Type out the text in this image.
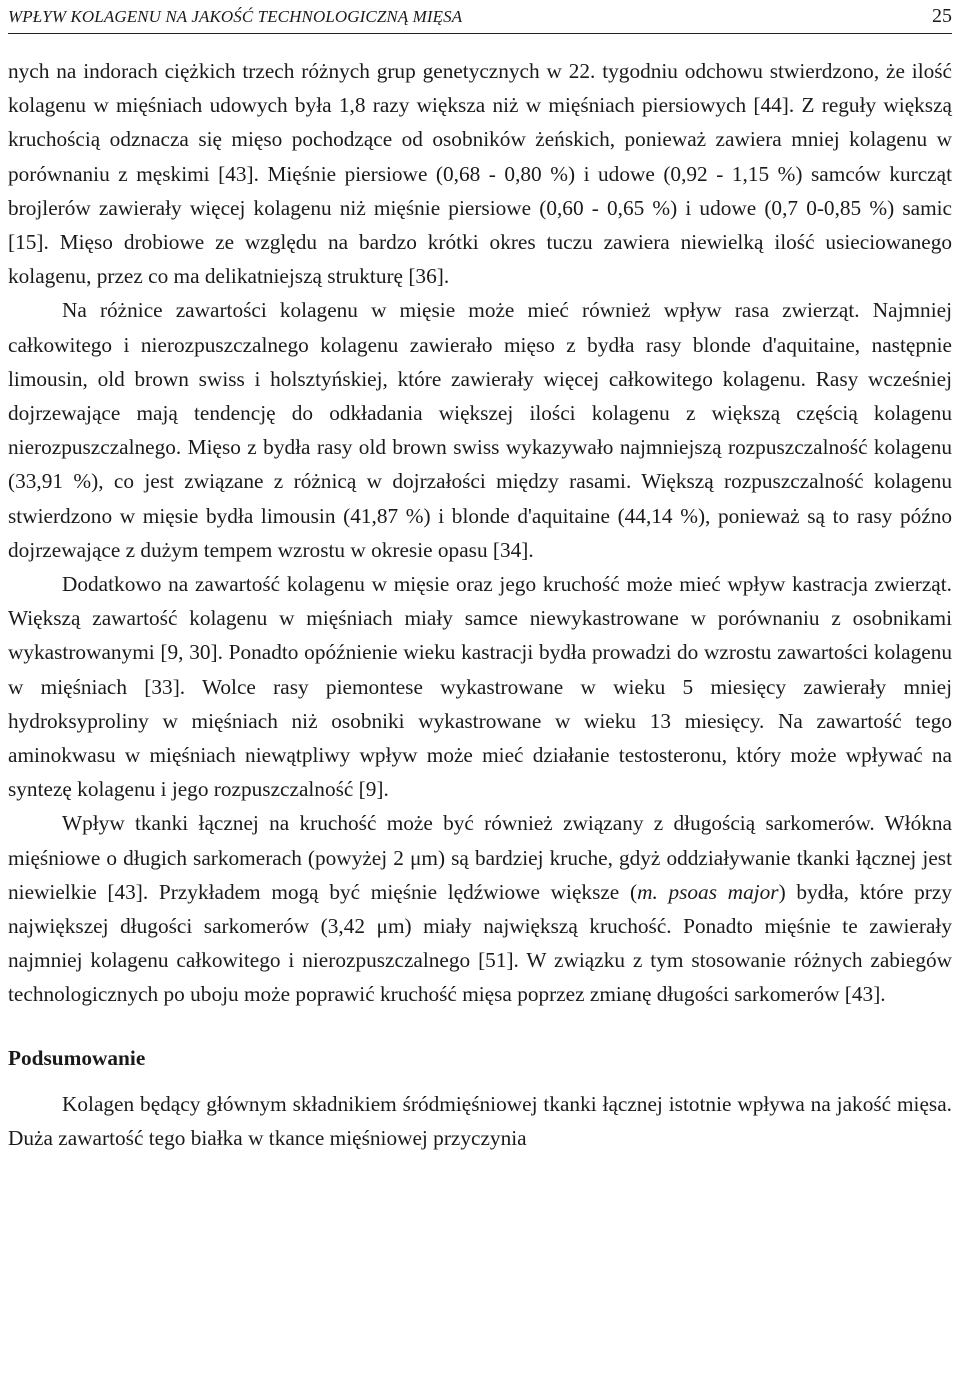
WPŁYW KOLAGENU NA JAKOŚĆ TECHNOLOGICZNĄ MIĘSA	25

nych na indorach ciężkich trzech różnych grup genetycznych w 22. tygodniu odchowu stwierdzono, że ilość kolagenu w mięśniach udowych była 1,8 razy większa niż w mięśniach piersiowych [44]. Z reguły większą kruchością odznacza się mięso pochodzące od osobników żeńskich, ponieważ zawiera mniej kolagenu w porównaniu z męskimi [43]. Mięśnie piersiowe (0,68 - 0,80 %) i udowe (0,92 - 1,15 %) samców kurcząt brojlerów zawierały więcej kolagenu niż mięśnie piersiowe (0,60 - 0,65 %) i udowe (0,7 0-0,85 %) samic [15]. Mięso drobiowe ze względu na bardzo krótki okres tuczu zawiera niewielką ilość usieciowanego kolagenu, przez co ma delikatniejszą strukturę [36].

Na różnice zawartości kolagenu w mięsie może mieć również wpływ rasa zwierząt. Najmniej całkowitego i nierozpuszczalnego kolagenu zawierało mięso z bydła rasy blonde d'aquitaine, następnie limousin, old brown swiss i holsztyńskiej, które zawierały więcej całkowitego kolagenu. Rasy wcześniej dojrzewające mają tendencję do odkładania większej ilości kolagenu z większą częścią kolagenu nierozpuszczalnego. Mięso z bydła rasy old brown swiss wykazywało najmniejszą rozpuszczalność kolagenu (33,91 %), co jest związane z różnicą w dojrzałości między rasami. Większą rozpuszczalność kolagenu stwierdzono w mięsie bydła limousin (41,87 %) i blonde d'aquitaine (44,14 %), ponieważ są to rasy późno dojrzewające z dużym tempem wzrostu w okresie opasu [34].

Dodatkowo na zawartość kolagenu w mięsie oraz jego kruchość może mieć wpływ kastracja zwierząt. Większą zawartość kolagenu w mięśniach miały samce niewykastrowane w porównaniu z osobnikami wykastrowanymi [9, 30]. Ponadto opóźnienie wieku kastracji bydła prowadzi do wzrostu zawartości kolagenu w mięśniach [33]. Wolce rasy piemontese wykastrowane w wieku 5 miesięcy zawierały mniej hydroksyproliny w mięśniach niż osobniki wykastrowane w wieku 13 miesięcy. Na zawartość tego aminokwasu w mięśniach niewątpliwy wpływ może mieć działanie testosteronu, który może wpływać na syntezę kolagenu i jego rozpuszczalność [9].

Wpływ tkanki łącznej na kruchość może być również związany z długością sarkomerów. Włókna mięśniowe o długich sarkomerach (powyżej 2 μm) są bardziej kruche, gdyż oddziaływanie tkanki łącznej jest niewielkie [43]. Przykładem mogą być mięśnie lędźwiowe większe (m. psoas major) bydła, które przy największej długości sarkomerów (3,42 μm) miały największą kruchość. Ponadto mięśnie te zawierały najmniej kolagenu całkowitego i nierozpuszczalnego [51]. W związku z tym stosowanie różnych zabiegów technologicznych po uboju może poprawić kruchość mięsa poprzez zmianę długości sarkomerów [43].

Podsumowanie

Kolagen będący głównym składnikiem śródmięśniowej tkanki łącznej istotnie wpływa na jakość mięsa. Duża zawartość tego białka w tkance mięśniowej przyczynia
